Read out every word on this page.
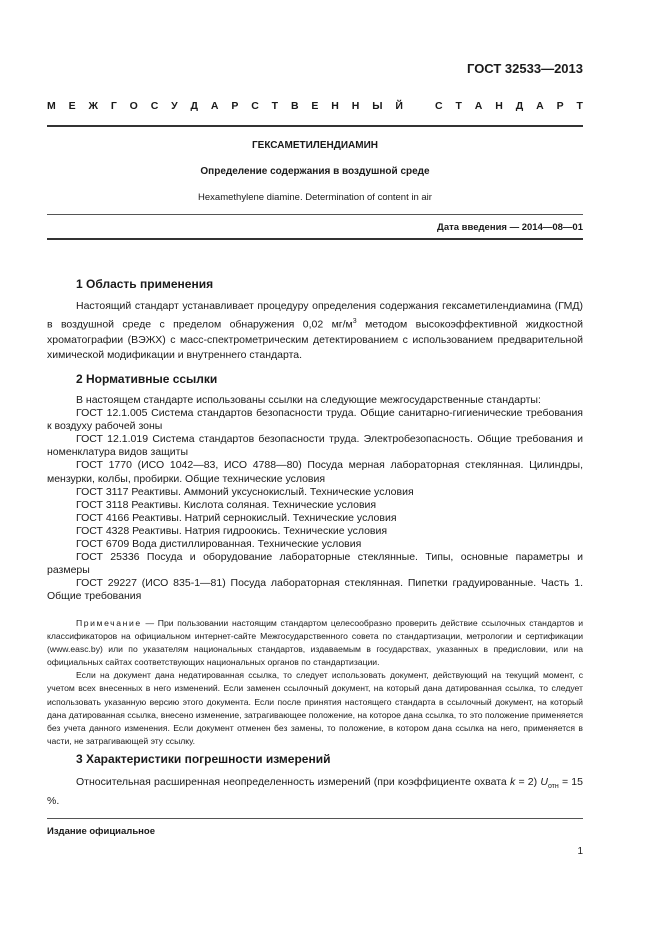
ГОСТ 32533—2013
М Е Ж Г О С У Д А Р С Т В Е Н Н Ы Й	С Т А Н Д А Р Т
ГЕКСАМЕТИЛЕНДИАМИН
Определение содержания в воздушной среде
Hexamethylene diamine. Determination of content in air
Дата введения — 2014—08—01
1 Область применения
Настоящий стандарт устанавливает процедуру определения содержания гексаметилендиамина (ГМД) в воздушной среде с пределом обнаружения 0,02 $мг/м^3$ методом высокоэффективной жидкостной хроматографии (ВЭЖХ) с масс-спектрометрическим детектированием с использованием предварительной химической модификации и внутреннего стандарта.
2 Нормативные ссылки
В настоящем стандарте использованы ссылки на следующие межгосударственные стандарты:
ГОСТ 12.1.005 Система стандартов безопасности труда. Общие санитарно-гигиенические требования к воздуху рабочей зоны
ГОСТ 12.1.019 Система стандартов безопасности труда. Электробезопасность. Общие требования и номенклатура видов защиты
ГОСТ 1770 (ИСО 1042—83, ИСО 4788—80) Посуда мерная лабораторная стеклянная. Цилиндры, мензурки, колбы, пробирки. Общие технические условия
ГОСТ 3117 Реактивы. Аммоний уксуснокислый. Технические условия
ГОСТ 3118 Реактивы. Кислота соляная. Технические условия
ГОСТ 4166 Реактивы. Натрий сернокислый. Технические условия
ГОСТ 4328 Реактивы. Натрия гидроокись. Технические условия
ГОСТ 6709 Вода дистиллированная. Технические условия
ГОСТ 25336 Посуда и оборудование лабораторные стеклянные. Типы, основные параметры и размеры
ГОСТ 29227 (ИСО 835-1—81) Посуда лабораторная стеклянная. Пипетки градуированные. Часть 1. Общие требования

Примечание — При пользовании настоящим стандартом целесообразно проверить действие ссылочных стандартов и классификаторов на официальном интернет-сайте Межгосударственного совета по стандартизации, метрологии и сертификации (www.easc.by) или по указателям национальных стандартов, издаваемым в государствах, указанных в предисловии, или на официальных сайтах соответствующих национальных органов по стандартизации.

Если на документ дана недатированная ссылка, то следует использовать документ, действующий на текущий момент, с учетом всех внесенных в него изменений. Если заменен ссылочный документ, на который дана датированная ссылка, то следует использовать указанную версию этого документа. Если после принятия настоящего стандарта в ссылочный документ, на который дана датированная ссылка, внесено изменение, затрагивающее положение, на которое дана ссылка, то это положение применяется без учета данного изменения. Если документ отменен без замены, то положение, в котором дана ссылка на него, применяется в части, не затрагивающей эту ссылку.

3 Характеристики погрешности измерений
Относительная расширенная неопределенность измерений (при коэффициенте охвата k = 2) $U_{отн} = 15$ %.
Издание официальное
1
